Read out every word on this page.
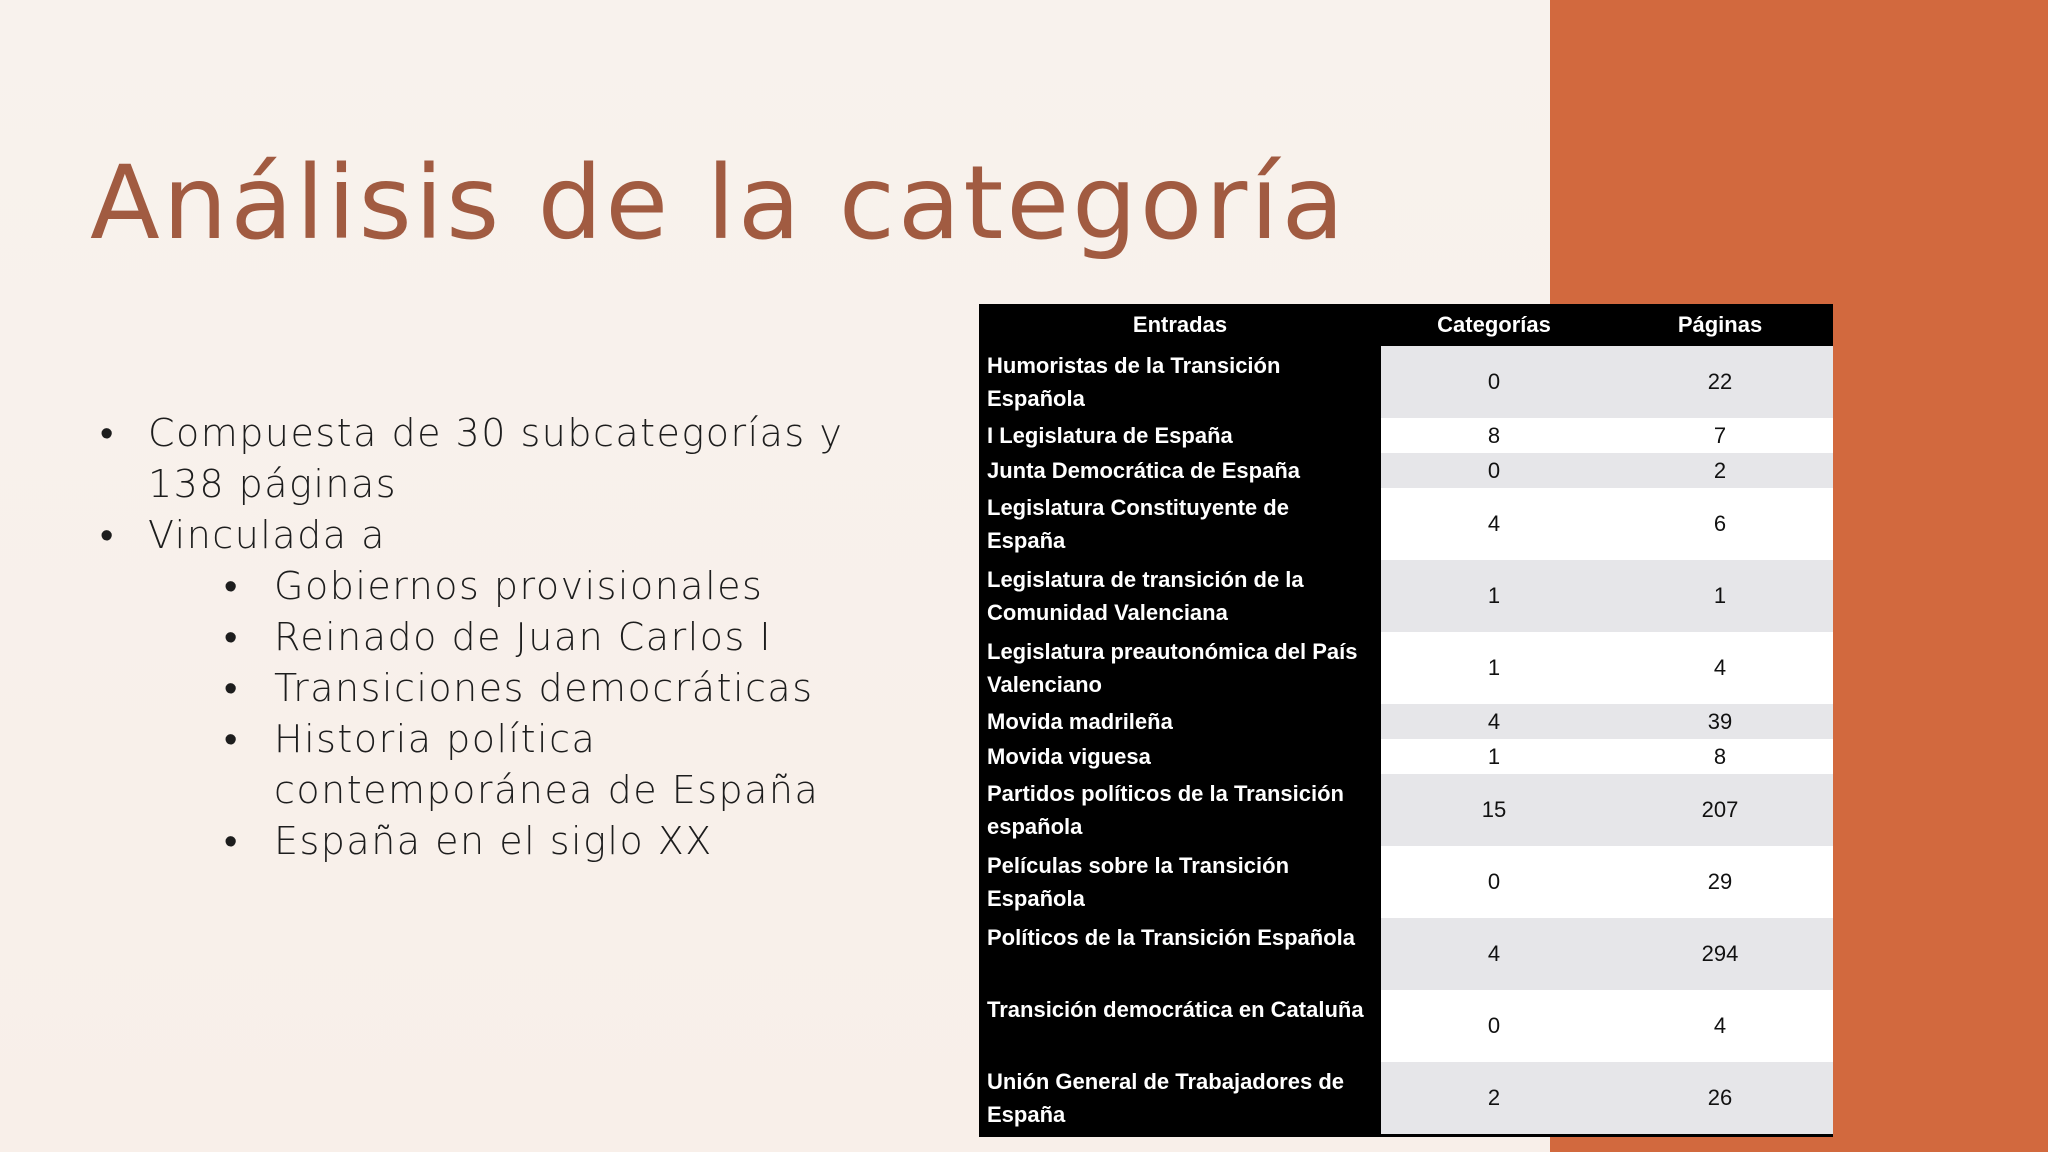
Análisis de la categoría
• Compuesta de 30 subcategorías y 138 páginas
• Vinculada a
• Gobiernos provisionales
• Reinado de Juan Carlos I
• Transiciones democráticas
• Historia política contemporánea de España
• España en el siglo XX
Entradas	Categorías	Páginas
Humoristas de la Transición Española	0	22
I Legislatura de España	8	7
Junta Democrática de España	0	2
Legislatura Constituyente de España	4	6
Legislatura de transición de la Comunidad Valenciana	1	1
Legislatura preautonómica del País Valenciano	1	4
Movida madrileña	4	39
Movida viguesa	1	8
Partidos políticos de la Transición española	15	207
Películas sobre la Transición Española	0	29
Políticos de la Transición Española	4	294
Transición democrática en Cataluña	0	4
Unión General de Trabajadores de España	2	26
